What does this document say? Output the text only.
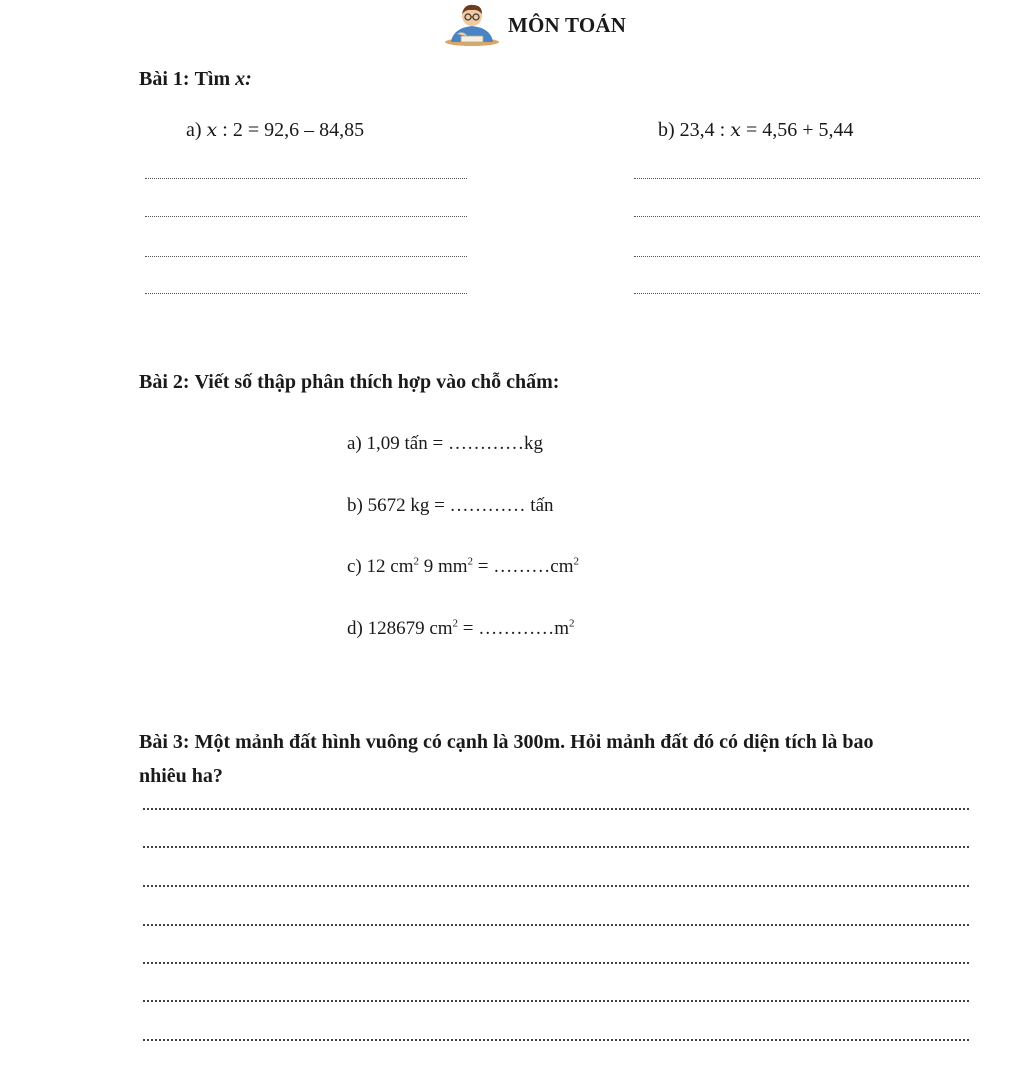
MÔN TOÁN
Bài 1: Tìm x:
a) x : 2 = 92,6 – 84,85	b) 23,4 : x = 4,56 + 5,44
Bài 2: Viết số thập phân thích hợp vào chỗ chấm:
a) 1,09 tấn = …………kg
b) 5672 kg = ………… tấn
c) 12 $cm^2$ 9 $mm^2$ = $\dots\dots\dots cm^2$
d) 128679 $cm^2$ = $\dots\dots\dots\dots m^2$
Bài 3: Một mảnh đất hình vuông có cạnh là 300m. Hỏi mảnh đất đó có diện tích là bao
nhiêu ha?
